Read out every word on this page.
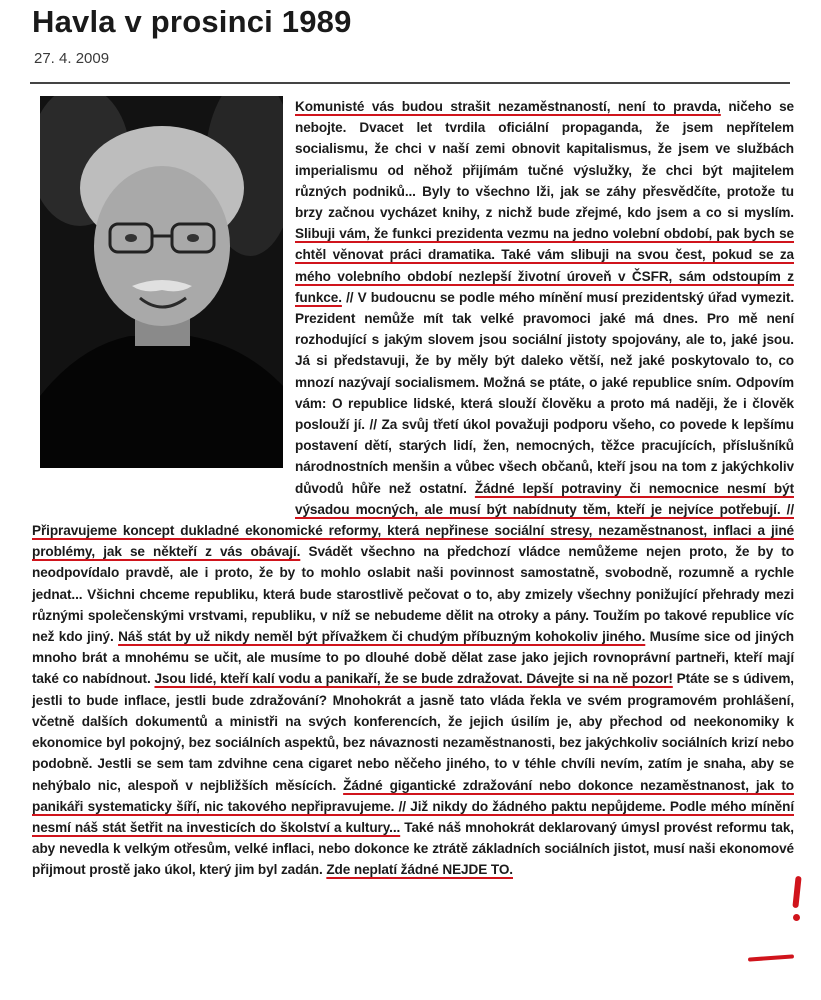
Havla v prosinci 1989
27. 4. 2009
Komunisté vás budou strašit nezaměstnaností, není to pravda, ničeho se nebojte. Dvacet let tvrdila oficiální propaganda, že jsem nepřítelem socialismu, že chci v naší zemi obnovit kapitalismus, že jsem ve službách imperialismu od něhož přijímám tučné výslužky, že chci být majitelem různých podniků... Byly to všechno lži, jak se záhy přesvědčíte, protože tu brzy začnou vycházet knihy, z nichž bude zřejmé, kdo jsem a co si myslím. Slibuji vám, že funkci prezidenta vezmu na jedno volební období, pak bych se chtěl věnovat práci dramatika. Také vám slibuji na svou čest, pokud se za mého volebního období nezlepší životní úroveň v ČSFR, sám odstoupím z funkce. // V budoucnu se podle mého mínění musí prezidentský úřad vymezit. Prezident nemůže mít tak velké pravomoci jaké má dnes. Pro mě není rozhodující s jakým slovem jsou sociální jistoty spojovány, ale to, jaké jsou. Já si představuji, že by měly být daleko větší, než jaké poskytovalo to, co mnozí nazývají socialismem. Možná se ptáte, o jaké republice sním. Odpovím vám: O republice lidské, která slouží člověku a proto má naději, že i člověk poslouží jí. // Za svůj třetí úkol považuji podporu všeho, co povede k lepšímu postavení dětí, starých lidí, žen, nemocných, těžce pracujících, příslušníků národnostních menšin a vůbec všech občanů, kteří jsou na tom z jakýchkoliv důvodů hůře než ostatní. Žádné lepší potraviny či nemocnice nesmí být výsadou mocných, ale musí být nabídnuty těm, kteří je nejvíce potřebují. // Připravujeme koncept dukladné ekonomické reformy, která nepřinese sociální stresy, nezaměstnanost, inflaci a jiné problémy, jak se někteří z vás obávají. Svádět všechno na předchozí vládce nemůžeme nejen proto, že by to neodpovídalo pravdě, ale i proto, že by to mohlo oslabit naši povinnost samostatně, svobodně, rozumně a rychle jednat... Všichni chceme republiku, která bude starostlivě pečovat o to, aby zmizely všechny ponižující přehrady mezi různými společenskými vrstvami, republiku, v níž se nebudeme dělit na otroky a pány. Toužím po takové republice víc než kdo jiný. Náš stát by už nikdy neměl být přívažkem či chudým příbuzným kohokoliv jiného. Musíme sice od jiných mnoho brát a mnohému se učit, ale musíme to po dlouhé době dělat zase jako jejich rovnoprávní partneři, kteří mají také co nabídnout. Jsou lidé, kteří kalí vodu a panikaří, že se bude zdražovat. Dávejte si na ně pozor! Ptáte se s údivem, jestli to bude inflace, jestli bude zdražování? Mnohokrát a jasně tato vláda řekla ve svém programovém prohlášení, včetně dalších dokumentů a ministři na svých konferencích, že jejich úsilím je, aby přechod od neekonomiky k ekonomice byl pokojný, bez sociálních aspektů, bez návaznosti nezaměstnanosti, bez jakýchkoliv sociálních krizí nebo podobně. Jestli se sem tam zdvihne cena cigaret nebo něčeho jiného, to v téhle chvíli nevím, zatím je snaha, aby se nehýbalo nic, alespoň v nejbližších měsících. Žádné gigantické zdražování nebo dokonce nezaměstnanost, jak to panikáři systematicky šíří, nic takového nepřipravujeme. // Již nikdy do žádného paktu nepůjdeme. Podle mého mínění nesmí náš stát šetřit na investicích do školství a kultury... Také náš mnohokrát deklarovaný úmysl provést reformu tak, aby nevedla k velkým otřesům, velké inflaci, nebo dokonce ke ztrátě základních sociálních jistot, musí naši ekonomové přijmout prostě jako úkol, který jim byl zadán. Zde neplatí žádné NEJDE TO.
